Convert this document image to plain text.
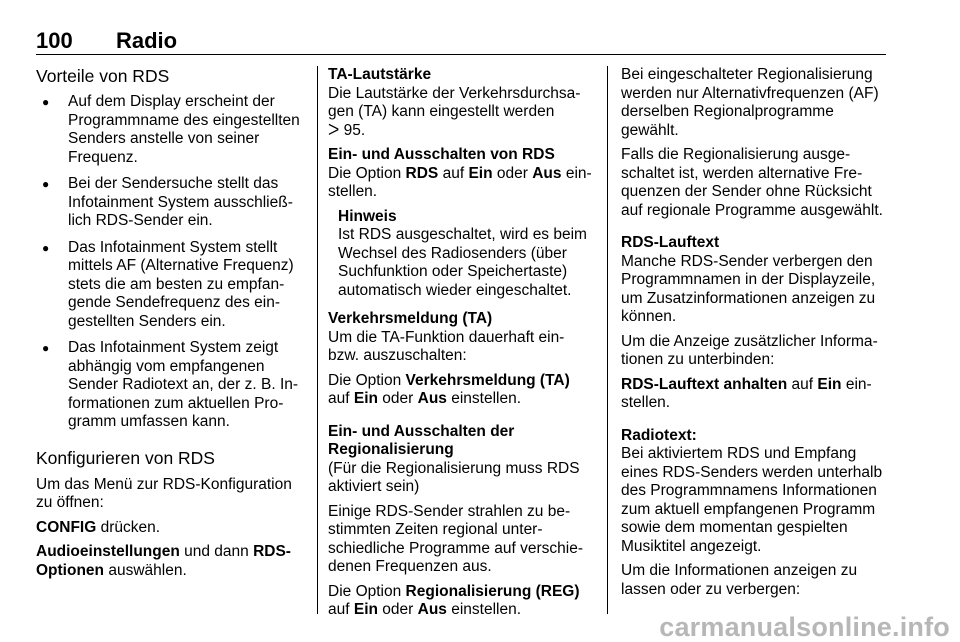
100 Radio
Vorteile von RDS
● Auf dem Display erscheint der Programmname des eingestellten Senders anstelle von seiner Frequenz.
● Bei der Sendersuche stellt das Infotainment System ausschließlich RDS-Sender ein.
● Das Infotainment System stellt mittels AF (Alternative Frequenz) stets die am besten zu empfangende Sendefrequenz des eingestellten Senders ein.
● Das Infotainment System zeigt abhängig vom empfangenen Sender Radiotext an, der z. B. Informationen zum aktuellen Programm umfassen kann.
Konfigurieren von RDS

Um das Menü zur RDS-Konfiguration zu öffnen:

CONFIG drücken.

Audioeinstellungen und dann RDS-Optionen auswählen.

TA-Lautstärke

Die Lautstärke der Verkehrsdurchsagen (TA) kann eingestellt werden
ᐳ 95.

Ein- und Ausschalten von RDS

Die Option RDS auf Ein oder Aus einstellen.

Hinweis
Ist RDS ausgeschaltet, wird es beim Wechsel des Radiosenders (über Suchfunktion oder Speichertaste) automatisch wieder eingeschaltet.
Verkehrsmeldung (TA)

Um die TA-Funktion dauerhaft ein- bzw. auszuschalten:

Die Option Verkehrsmeldung (TA) auf Ein oder Aus einstellen.

Ein- und Ausschalten der Regionalisierung

(Für die Regionalisierung muss RDS aktiviert sein)

Einige RDS-Sender strahlen zu bestimmten Zeiten regional unterschiedliche Programme auf verschiedenen Frequenzen aus.

Die Option Regionalisierung (REG) auf Ein oder Aus einstellen.

Bei eingeschalteter Regionalisierung werden nur Alternativfrequenzen (AF) derselben Regionalprogramme gewählt.

Falls die Regionalisierung ausgeschaltet ist, werden alternative Frequenzen der Sender ohne Rücksicht auf regionale Programme ausgewählt.

RDS-Lauftext

Manche RDS-Sender verbergen den Programmnamen in der Displayzeile, um Zusatzinformationen anzeigen zu können.

Um die Anzeige zusätzlicher Informationen zu unterbinden:

RDS-Lauftext anhalten auf Ein einstellen.

Radiotext:

Bei aktiviertem RDS und Empfang eines RDS-Senders werden unterhalb des Programmnamens Informationen zum aktuell empfangenen Programm sowie dem momentan gespielten Musiktitel angezeigt.

Um die Informationen anzeigen zu lassen oder zu verbergen:

carmanualsonline.info
